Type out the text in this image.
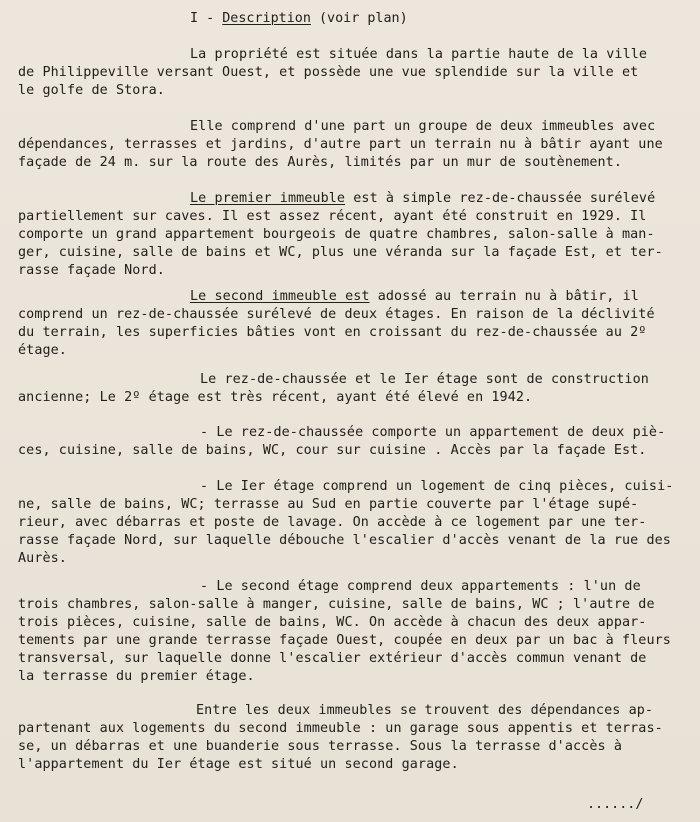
I - Description (voir plan)
La propriété est située dans la partie haute de la ville
de Philippeville versant Ouest, et possède une vue splendide sur la ville et
le golfe de Stora.
Elle comprend d'une part un groupe de deux immeubles avec
dépendances, terrasses et jardins, d'autre part un terrain nu à bâtir ayant une
façade de 24 m. sur la route des Aurès, limités par un mur de soutènement.
Le premier immeuble est à simple rez-de-chaussée surélevé
partiellement sur caves. Il est assez récent, ayant été construit en 1929. Il
comporte un grand appartement bourgeois de quatre chambres, salon-salle à man-
ger, cuisine, salle de bains et WC, plus une véranda sur la façade Est, et ter-
rasse façade Nord.
Le second immeuble est adossé au terrain nu à bâtir, il
comprend un rez-de-chaussée surélevé de deux étages. En raison de la déclivité
du terrain, les superficies bâties vont en croissant du rez-de-chaussée au 2º
étage.
Le rez-de-chaussée et le Ier étage sont de construction
ancienne; Le 2º étage est très récent, ayant été élevé en 1942.
- Le rez-de-chaussée comporte un appartement de deux piè-
ces, cuisine, salle de bains, WC, cour sur cuisine . Accès par la façade Est.
- Le Ier étage comprend un logement de cinq pièces, cuisi-
ne, salle de bains, WC; terrasse au Sud en partie couverte par l'étage supé-
rieur, avec débarras et poste de lavage. On accède à ce logement par une ter-
rasse façade Nord, sur laquelle débouche l'escalier d'accès venant de la rue des
Aurès.
- Le second étage comprend deux appartements : l'un de
trois chambres, salon-salle à manger, cuisine, salle de bains, WC ; l'autre de
trois pièces, cuisine, salle de bains, WC. On accède à chacun des deux appar-
tements par une grande terrasse façade Ouest, coupée en deux par un bac à fleurs
transversal, sur laquelle donne l'escalier extérieur d'accès commun venant de
la terrasse du premier étage.
Entre les deux immeubles se trouvent des dépendances ap-
partenant aux logements du second immeuble : un garage sous appentis et terras-
se, un débarras et une buanderie sous terrasse. Sous la terrasse d'accès à
l'appartement du Ier étage est situé un second garage.
....../
